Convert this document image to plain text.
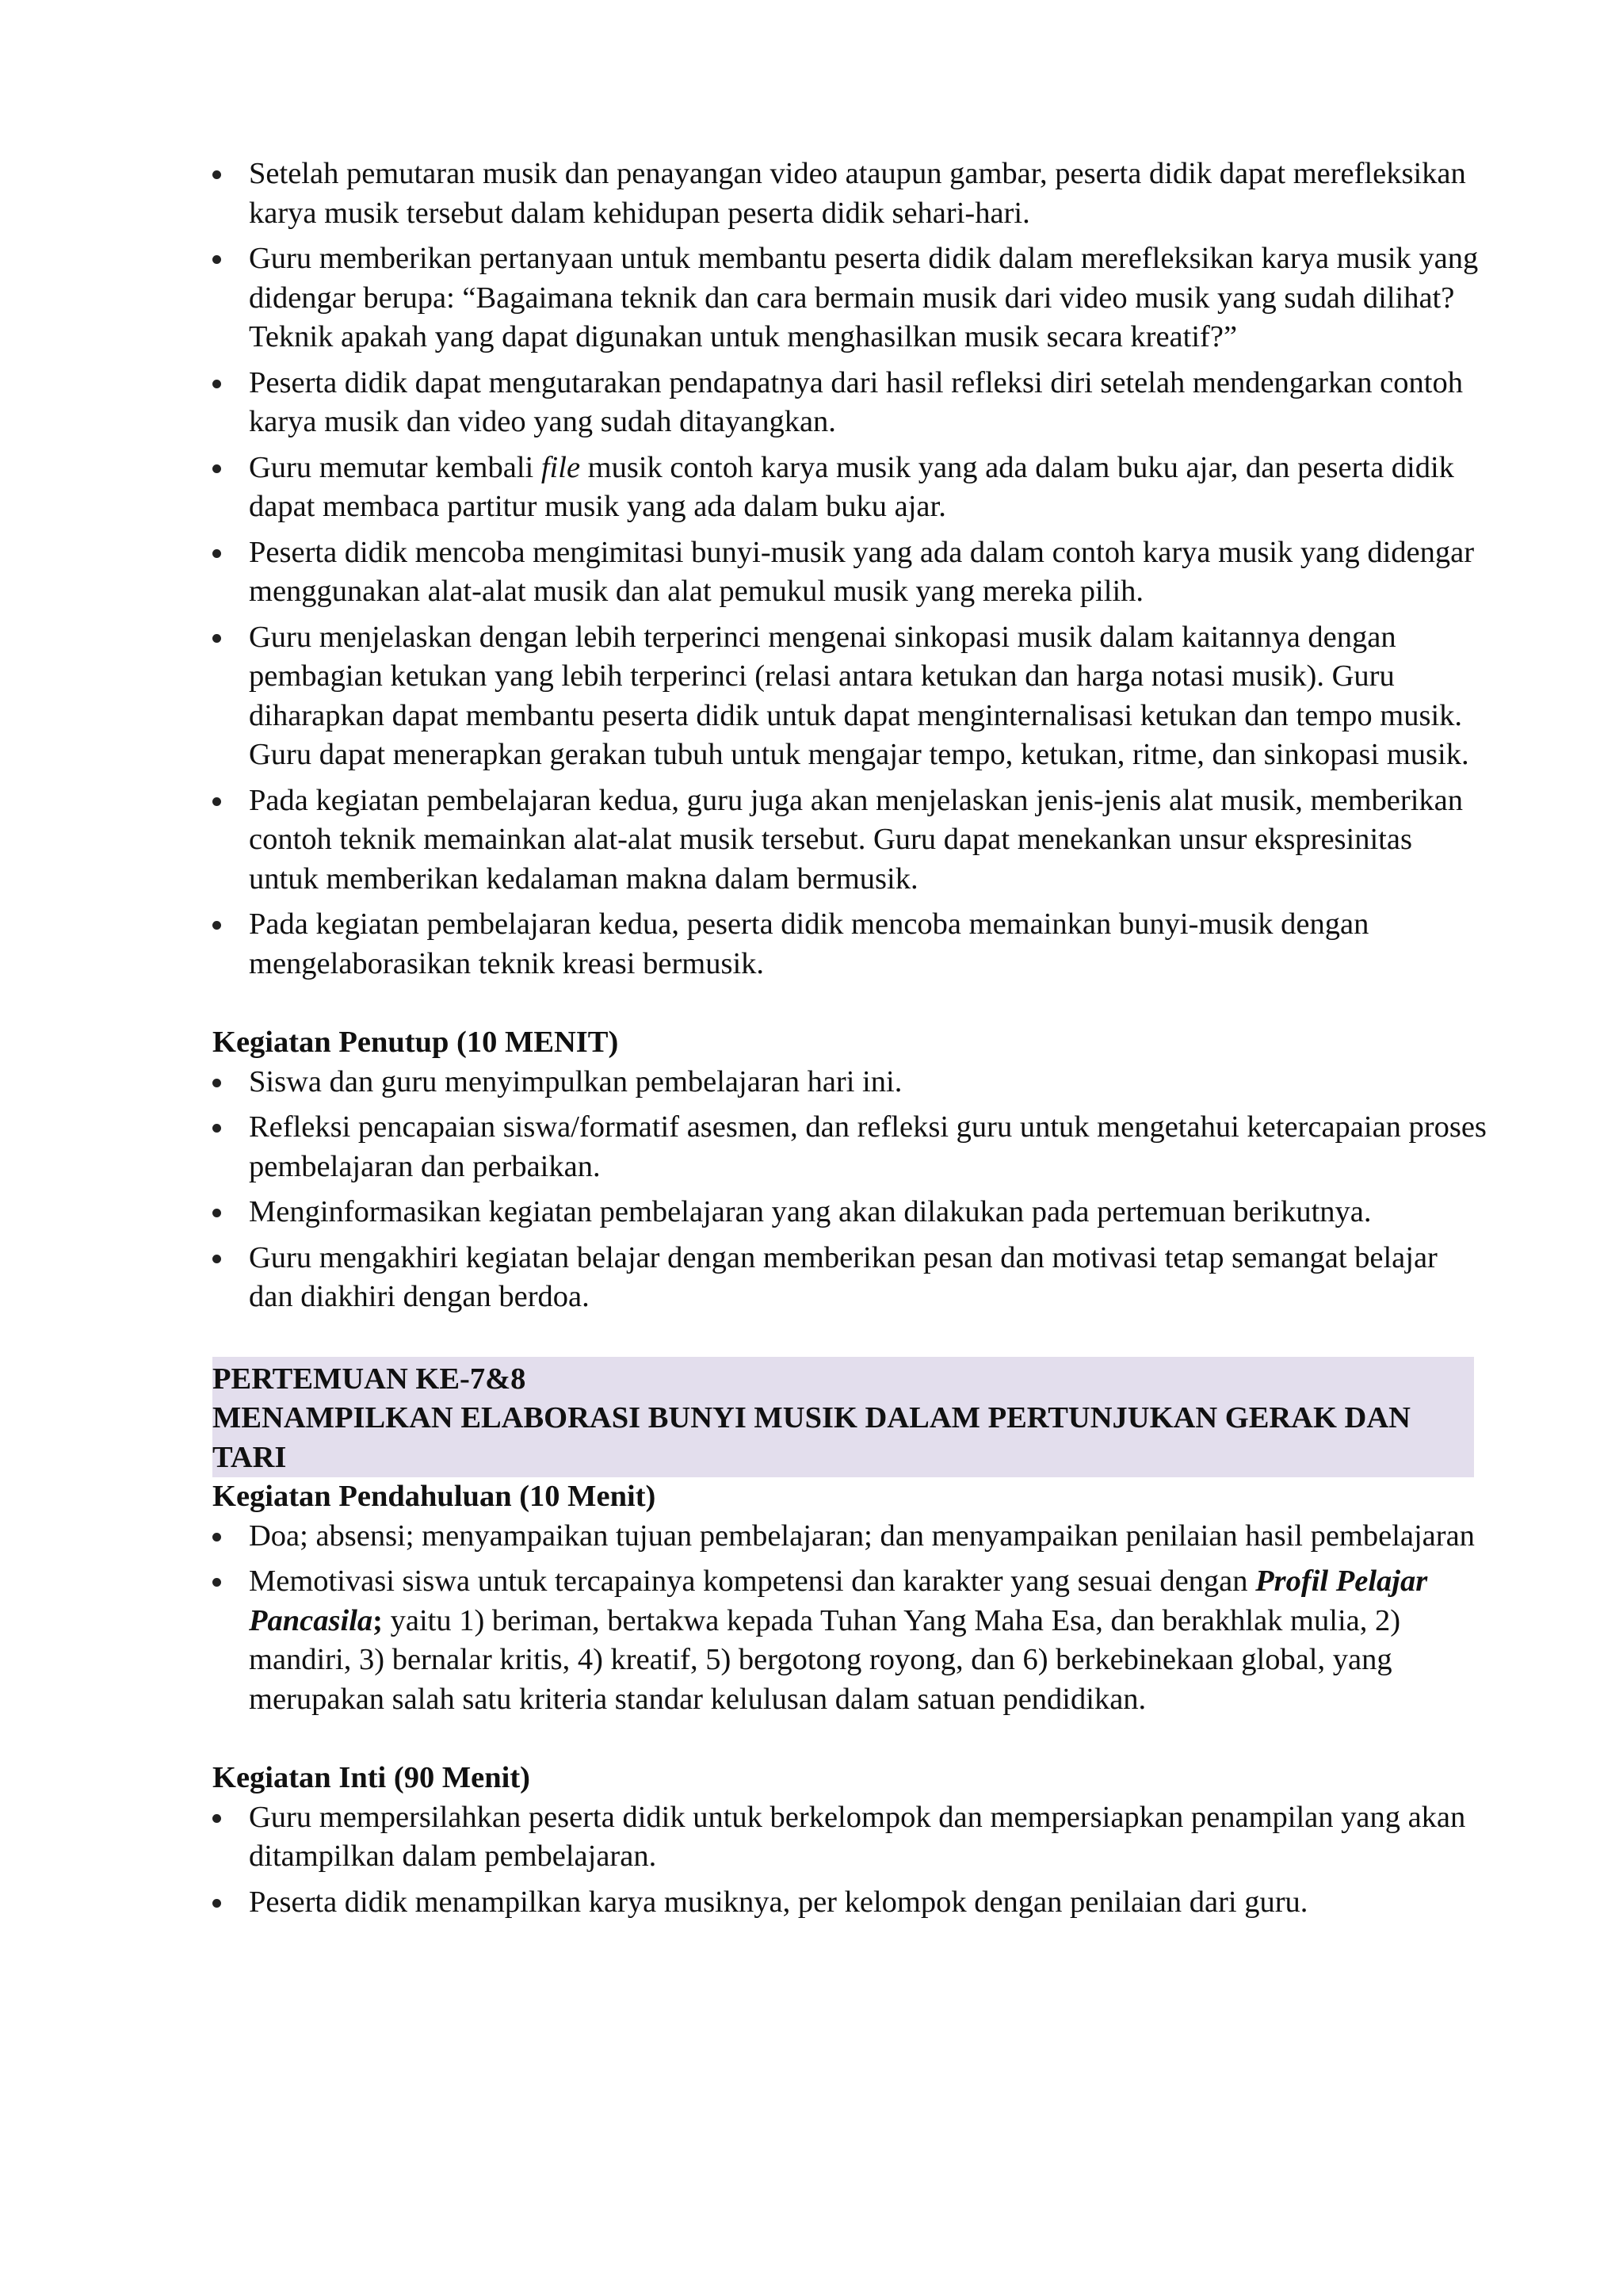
Setelah pemutaran musik dan penayangan video ataupun gambar, peserta didik dapat merefleksikan karya musik tersebut dalam kehidupan peserta didik sehari-hari.
Guru memberikan pertanyaan untuk membantu peserta didik dalam merefleksikan karya musik yang didengar berupa: “Bagaimana teknik dan cara bermain musik dari video musik yang sudah dilihat? Teknik apakah yang dapat digunakan untuk menghasilkan musik secara kreatif?”
Peserta didik dapat mengutarakan pendapatnya dari hasil refleksi diri setelah mendengarkan contoh karya musik dan video yang sudah ditayangkan.
Guru memutar kembali file musik contoh karya musik yang ada dalam buku ajar, dan peserta didik dapat membaca partitur musik yang ada dalam buku ajar.
Peserta didik mencoba mengimitasi bunyi-musik yang ada dalam contoh karya musik yang didengar menggunakan alat-alat musik dan alat pemukul musik yang mereka pilih.
Guru menjelaskan dengan lebih terperinci mengenai sinkopasi musik dalam kaitannya dengan pembagian ketukan yang lebih terperinci (relasi antara ketukan dan harga notasi musik). Guru diharapkan dapat membantu peserta didik untuk dapat menginternalisasi ketukan dan tempo musik. Guru dapat menerapkan gerakan tubuh untuk mengajar tempo, ketukan, ritme, dan sinkopasi musik.
Pada kegiatan pembelajaran kedua, guru juga akan menjelaskan jenis-jenis alat musik, memberikan contoh teknik memainkan alat-alat musik tersebut. Guru dapat menekankan unsur ekspresinitas untuk memberikan kedalaman makna dalam bermusik.
Pada kegiatan pembelajaran kedua, peserta didik mencoba memainkan bunyi-musik dengan mengelaborasikan teknik kreasi bermusik.
Kegiatan Penutup (10 MENIT)
Siswa dan guru menyimpulkan pembelajaran hari ini.
Refleksi pencapaian siswa/formatif asesmen, dan refleksi guru untuk mengetahui ketercapaian proses pembelajaran dan perbaikan.
Menginformasikan kegiatan pembelajaran yang akan dilakukan pada pertemuan berikutnya.
Guru mengakhiri kegiatan belajar dengan memberikan pesan dan motivasi tetap semangat belajar dan diakhiri dengan berdoa.
PERTEMUAN KE-7&8
MENAMPILKAN ELABORASI BUNYI MUSIK DALAM PERTUNJUKAN GERAK DAN TARI
Kegiatan Pendahuluan (10 Menit)
Doa; absensi; menyampaikan tujuan pembelajaran; dan menyampaikan penilaian hasil pembelajaran
Memotivasi siswa untuk tercapainya kompetensi dan karakter yang sesuai dengan Profil Pelajar Pancasila; yaitu 1) beriman, bertakwa kepada Tuhan Yang Maha Esa, dan berakhlak mulia, 2) mandiri, 3) bernalar kritis, 4) kreatif, 5) bergotong royong, dan 6) berkebinekaan global, yang merupakan salah satu kriteria standar kelulusan dalam satuan pendidikan.
Kegiatan Inti (90 Menit)
Guru mempersilahkan peserta didik untuk berkelompok dan mempersiapkan penampilan yang akan ditampilkan dalam pembelajaran.
Peserta didik menampilkan karya musiknya, per kelompok dengan penilaian dari guru.
